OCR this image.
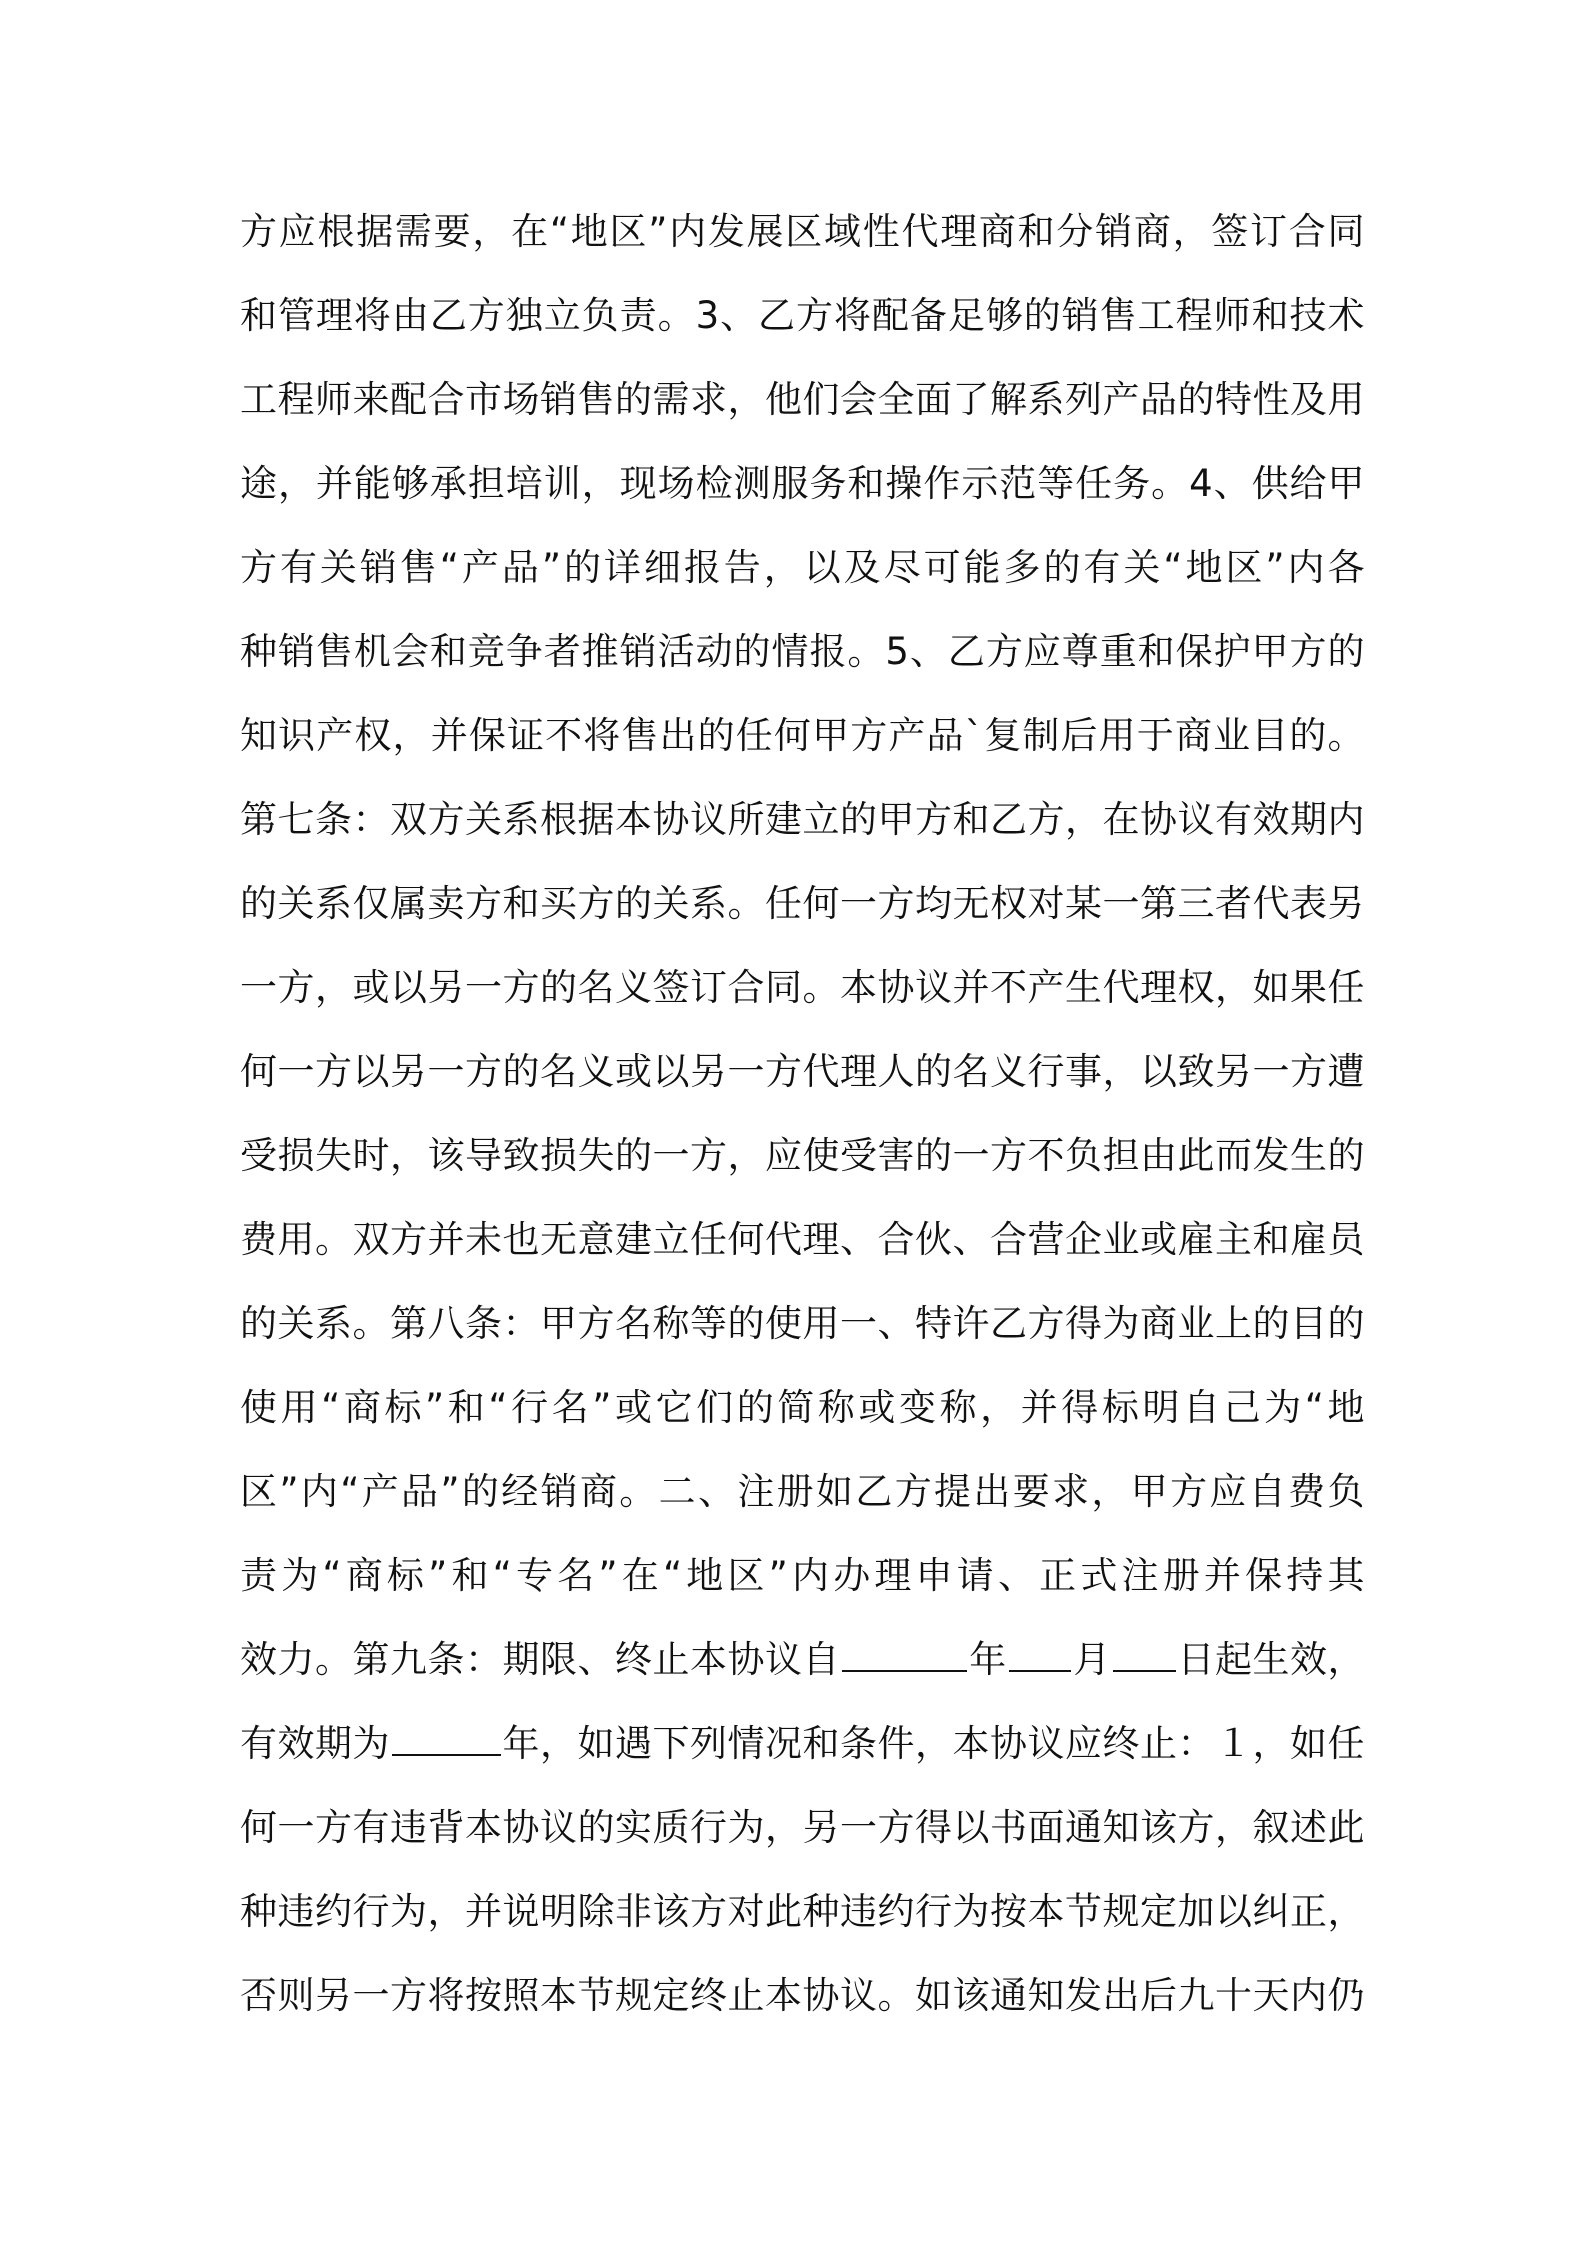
方应根据需要，在“地区”内发展区域性代理商和分销商，签订合同
和管理将由乙方独立负责。3、乙方将配备足够的销售工程师和技术
工程师来配合市场销售的需求，他们会全面了解系列产品的特性及用
途，并能够承担培训，现场检测服务和操作示范等任务。4、供给甲
方有关销售“产品”的详细报告，以及尽可能多的有关“地区”内各
种销售机会和竞争者推销活动的情报。5、乙方应尊重和保护甲方的
知识产权，并保证不将售出的任何甲方产品`复制后用于商业目的。
第七条：双方关系根据本协议所建立的甲方和乙方，在协议有效期内
的关系仅属卖方和买方的关系。任何一方均无权对某一第三者代表另
一方，或以另一方的名义签订合同。本协议并不产生代理权，如果任
何一方以另一方的名义或以另一方代理人的名义行事，以致另一方遭
受损失时，该导致损失的一方，应使受害的一方不负担由此而发生的
费用。双方并未也无意建立任何代理、合伙、合营企业或雇主和雇员
的关系。第八条：甲方名称等的使用一、特许乙方得为商业上的目的
使用“商标”和“行名”或它们的简称或变称，并得标明自己为“地
区”内“产品”的经销商。二、注册如乙方提出要求，甲方应自费负
责为“商标”和“专名”在“地区”内办理申请、正式注册并保持其
效力。第九条：期限、终止本协议自	年 月 日起生效，
有效期为	年，如遇下列情况和条件，本协议应终止：１，如任
何一方有违背本协议的实质行为，另一方得以书面通知该方，叙述此
种违约行为，并说明除非该方对此种违约行为按本节规定加以纠正，
否则另一方将按照本节规定终止本协议。如该通知发出后九十天内仍
